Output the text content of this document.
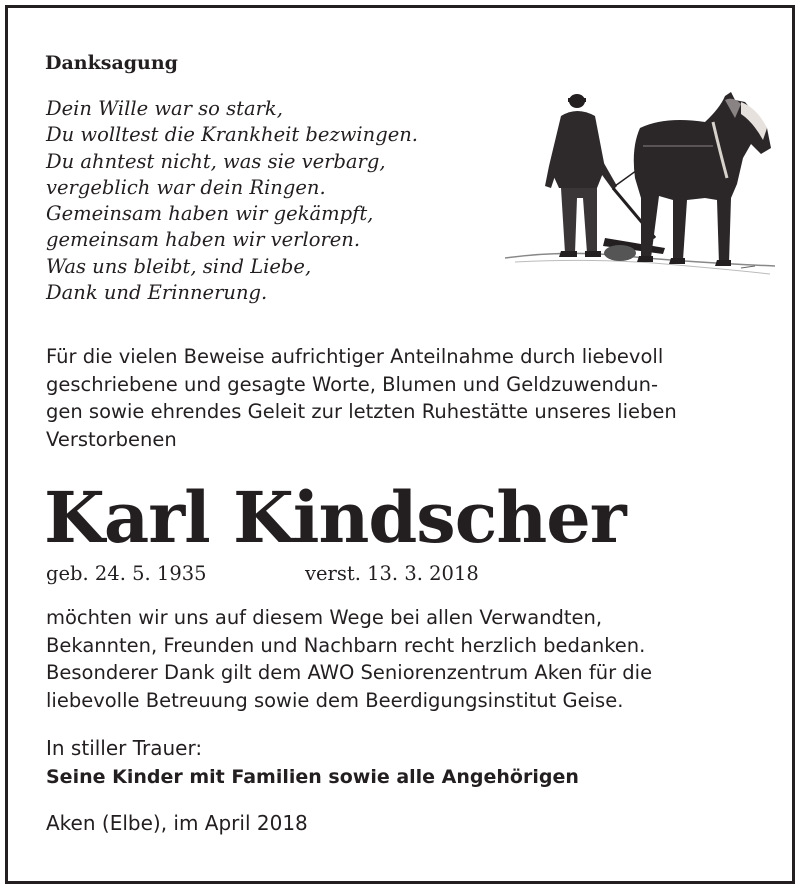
Danksagung
Dein Wille war so stark,
Du wolltest die Krankheit bezwingen.
Du ahntest nicht, was sie verbarg,
vergeblich war dein Ringen.
Gemeinsam haben wir gekämpft,
gemeinsam haben wir verloren.
Was uns bleibt, sind Liebe,
Dank und Erinnerung.
Für die vielen Beweise aufrichtiger Anteilnahme durch liebevoll
geschriebene und gesagte Worte, Blumen und Geldzuwendun-
gen sowie ehrendes Geleit zur letzten Ruhestätte unseres lieben
Verstorbenen
Karl Kindscher
geb. 24. 5. 1935	verst. 13. 3. 2018
möchten wir uns auf diesem Wege bei allen Verwandten,
Bekannten, Freunden und Nachbarn recht herzlich bedanken.
Besonderer Dank gilt dem AWO Seniorenzentrum Aken für die
liebevolle Betreuung sowie dem Beerdigungsinstitut Geise.
In stiller Trauer:
Seine Kinder mit Familien sowie alle Angehörigen
Aken (Elbe), im April 2018
